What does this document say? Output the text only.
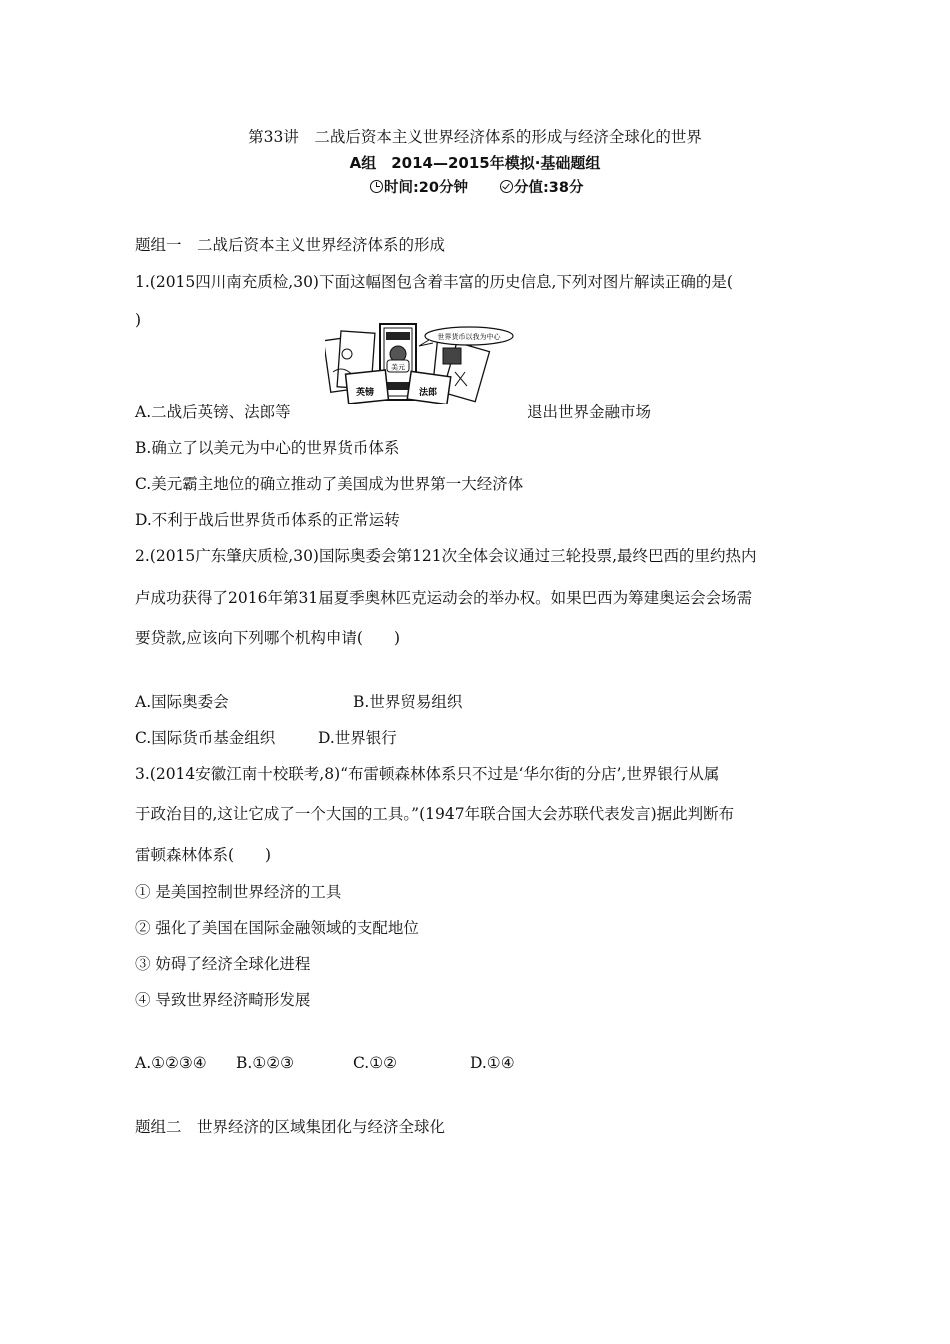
第33讲　二战后资本主义世界经济体系的形成与经济全球化的世界
A组　2014—2015年模拟·基础题组
时间:20分钟	分值:38分
题组一　二战后资本主义世界经济体系的形成
1.(2015四川南充质检,30)下面这幅图包含着丰富的历史信息,下列对图片解读正确的是(
)
美元
英镑	法郎
世界货币以我为中心
A.二战后英镑、法郎等	退出世界金融市场
B.确立了以美元为中心的世界货币体系
C.美元霸主地位的确立推动了美国成为世界第一大经济体
D.不利于战后世界货币体系的正常运转
2.(2015广东肇庆质检,30)国际奥委会第121次全体会议通过三轮投票,最终巴西的里约热内
卢成功获得了2016年第31届夏季奥林匹克运动会的举办权。如果巴西为筹建奥运会会场需
要贷款,应该向下列哪个机构申请(　　)
A.国际奥委会	B.世界贸易组织
C.国际货币基金组织	D.世界银行
3.(2014安徽江南十校联考,8)“布雷顿森林体系只不过是‘华尔街的分店’,世界银行从属
于政治目的,这让它成了一个大国的工具。”(1947年联合国大会苏联代表发言)据此判断布
雷顿森林体系(　　)
① 是美国控制世界经济的工具
② 强化了美国在国际金融领域的支配地位
③ 妨碍了经济全球化进程
④ 导致世界经济畸形发展
A.①②③④ B.①②③	C.①②	D.①④
题组二　世界经济的区域集团化与经济全球化
